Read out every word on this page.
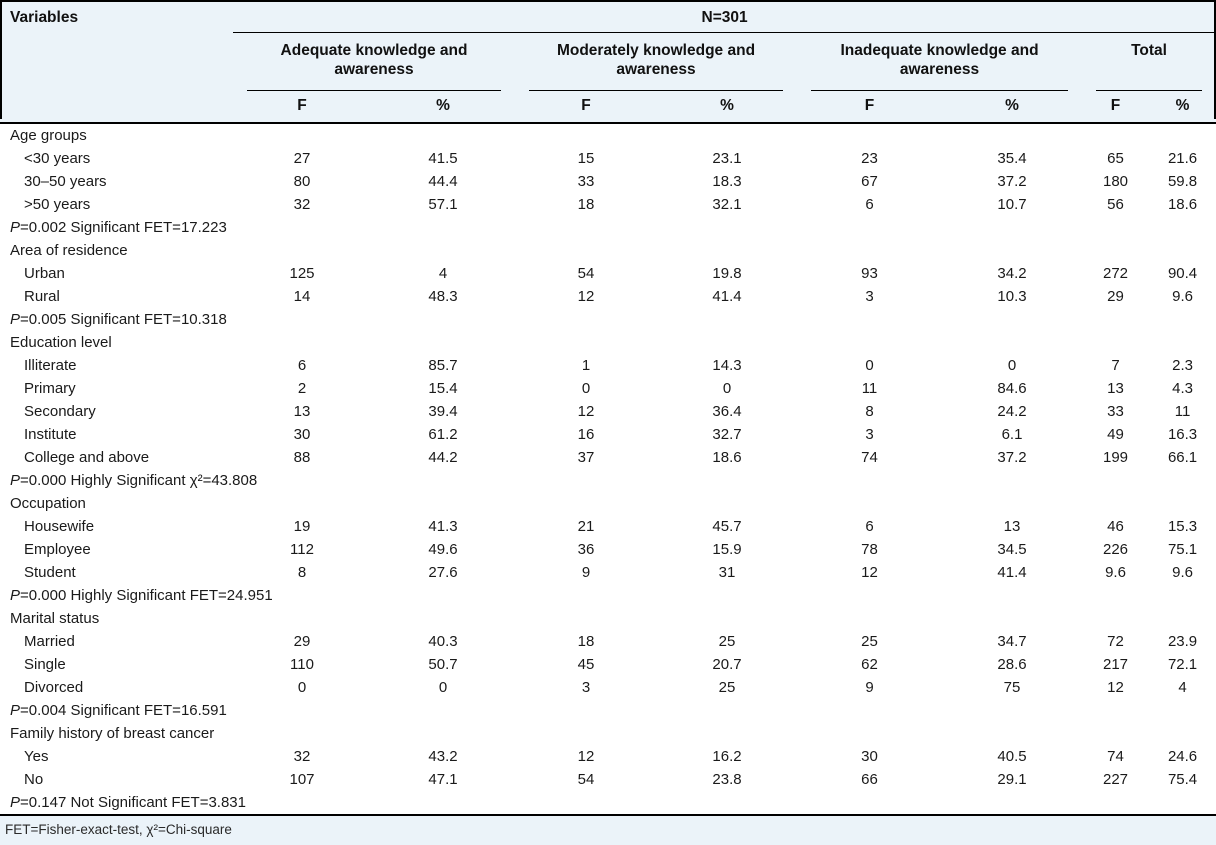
Variables	N=301							

	Adequate knowledge and awareness		Moderately knowledge and awareness		Inadequate knowledge and awareness		Total	

	F	%	F	%	F	%	F	%
Age groups								
<30 years	27	41.5	15	23.1	23	35.4	65	21.6
30–50 years	80	44.4	33	18.3	67	37.2	180	59.8
>50 years	32	57.1	18	32.1	6	10.7	56	18.6
P=0.002 Significant FET=17.223								
Area of residence								
Urban	125	4	54	19.8	93	34.2	272	90.4
Rural	14	48.3	12	41.4	3	10.3	29	9.6
P=0.005 Significant FET=10.318								
Education level								
Illiterate	6	85.7	1	14.3	0	0	7	2.3
Primary	2	15.4	0	0	11	84.6	13	4.3
Secondary	13	39.4	12	36.4	8	24.2	33	11
Institute	30	61.2	16	32.7	3	6.1	49	16.3
College and above	88	44.2	37	18.6	74	37.2	199	66.1
P=0.000 Highly Significant χ²=43.808								
Occupation								
Housewife	19	41.3	21	45.7	6	13	46	15.3
Employee	112	49.6	36	15.9	78	34.5	226	75.1
Student	8	27.6	9	31	12	41.4	9.6	9.6
P=0.000 Highly Significant FET=24.951								
Marital status								
Married	29	40.3	18	25	25	34.7	72	23.9
Single	110	50.7	45	20.7	62	28.6	217	72.1
Divorced	0	0	3	25	9	75	12	4
P=0.004 Significant FET=16.591								
Family history of breast cancer								
Yes	32	43.2	12	16.2	30	40.5	74	24.6
No	107	47.1	54	23.8	66	29.1	227	75.4
P=0.147 Not Significant FET=3.831								
FET=Fisher-exact-test, χ²=Chi-square
